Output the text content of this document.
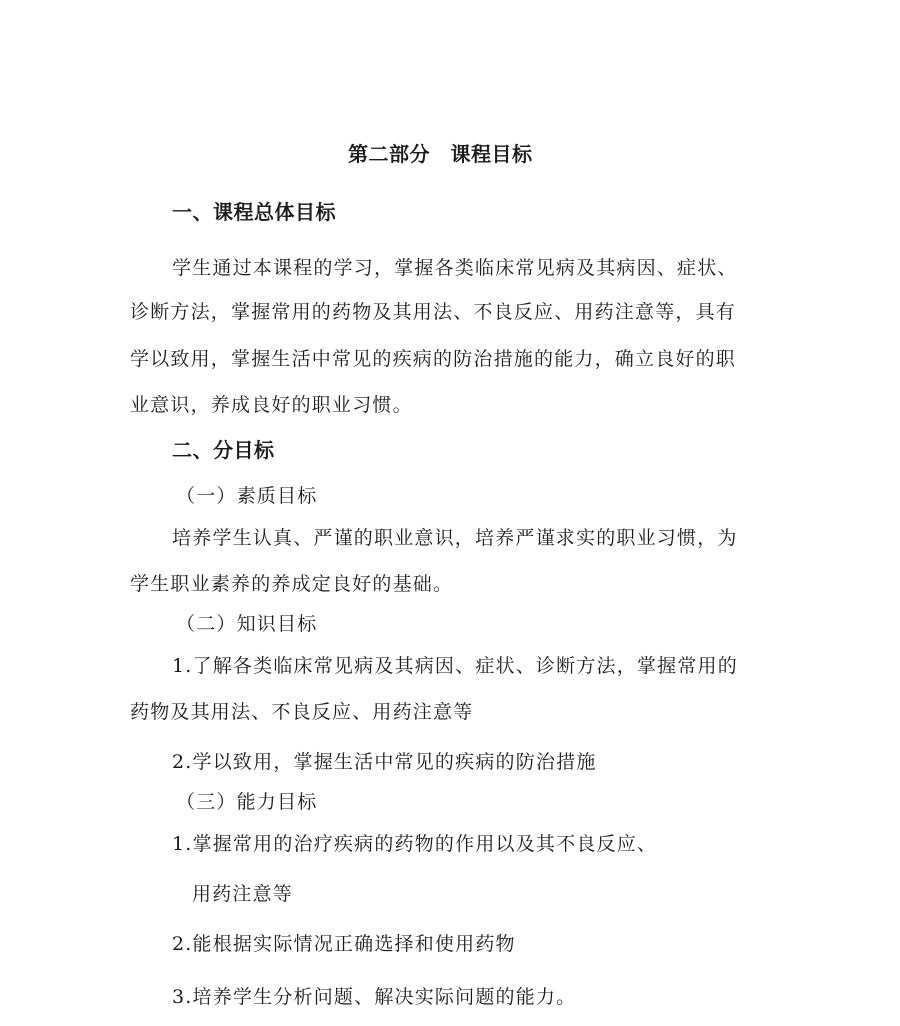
第二部分　课程目标
一、课程总体目标
学生通过本课程的学习，掌握各类临床常见病及其病因、症状、
诊断方法，掌握常用的药物及其用法、不良反应、用药注意等，具有
学以致用，掌握生活中常见的疾病的防治措施的能力，确立良好的职
业意识，养成良好的职业习惯。
二、分目标
（一）素质目标
培养学生认真、严谨的职业意识，培养严谨求实的职业习惯，为
学生职业素养的养成定良好的基础。
（二）知识目标
1.了解各类临床常见病及其病因、症状、诊断方法，掌握常用的
药物及其用法、不良反应、用药注意等
2.学以致用，掌握生活中常见的疾病的防治措施
（三）能力目标
1.掌握常用的治疗疾病的药物的作用以及其不良反应、
用药注意等
2.能根据实际情况正确选择和使用药物
3.培养学生分析问题、解决实际问题的能力。
